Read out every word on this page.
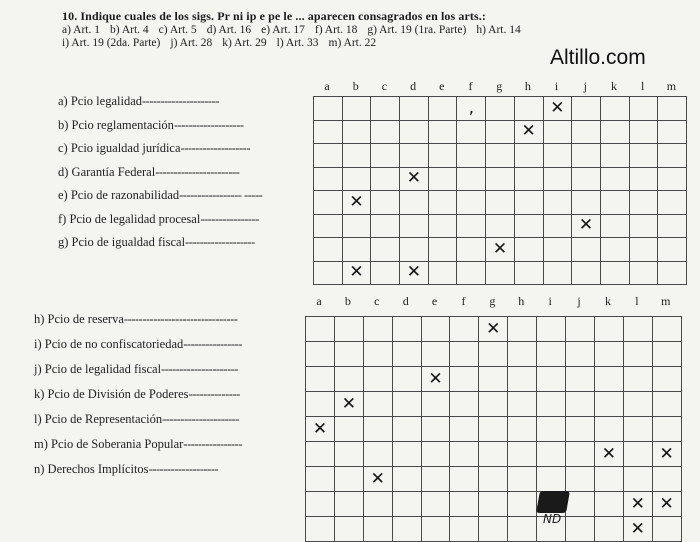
10. Indique cuales de los sigs. Pr ni ip e pe le ... aparecen consagrados en los arts.:
a) Art. 1 b) Art. 4 c) Art. 5 d) Art. 16 e) Art. 17 f) Art. 18 g) Art. 19 (1ra. Parte) h) Art. 14
i) Art. 19 (2da. Parte) j) Art. 28 k) Art. 29 l) Art. 33 m) Art. 22
Altillo.com
a) Pcio legalidad---------------------
b) Pcio reglamentación-------------------
c) Pcio igualdad jurídica-------------------
d) Garantía Federal-----------------------
e) Pcio de razonabilidad----------------- -----
f) Pcio de legalidad procesal----------------
g) Pcio de igualdad fiscal-------------------
a	b	c	d	e	f	g	h	i	j	k	l	m
					,			✕				
							✕					

			✕									
	✕											
									✕			
						✕						
	✕		✕									
h) Pcio de reserva-------------------------------
i) Pcio de no confiscatoriedad----------------
j) Pcio de legalidad fiscal---------------------
k) Pcio de División de Poderes--------------
l) Pcio de Representación---------------------
m) Pcio de Soberania Popular----------------
n) Derechos Implícitos-------------------
a	b	c	d	e	f	g	h	i	j	k	l	m
						✕						

				✕								
	✕											
✕												
										✕		✕
		✕										
											✕	✕
											✕	
ND
